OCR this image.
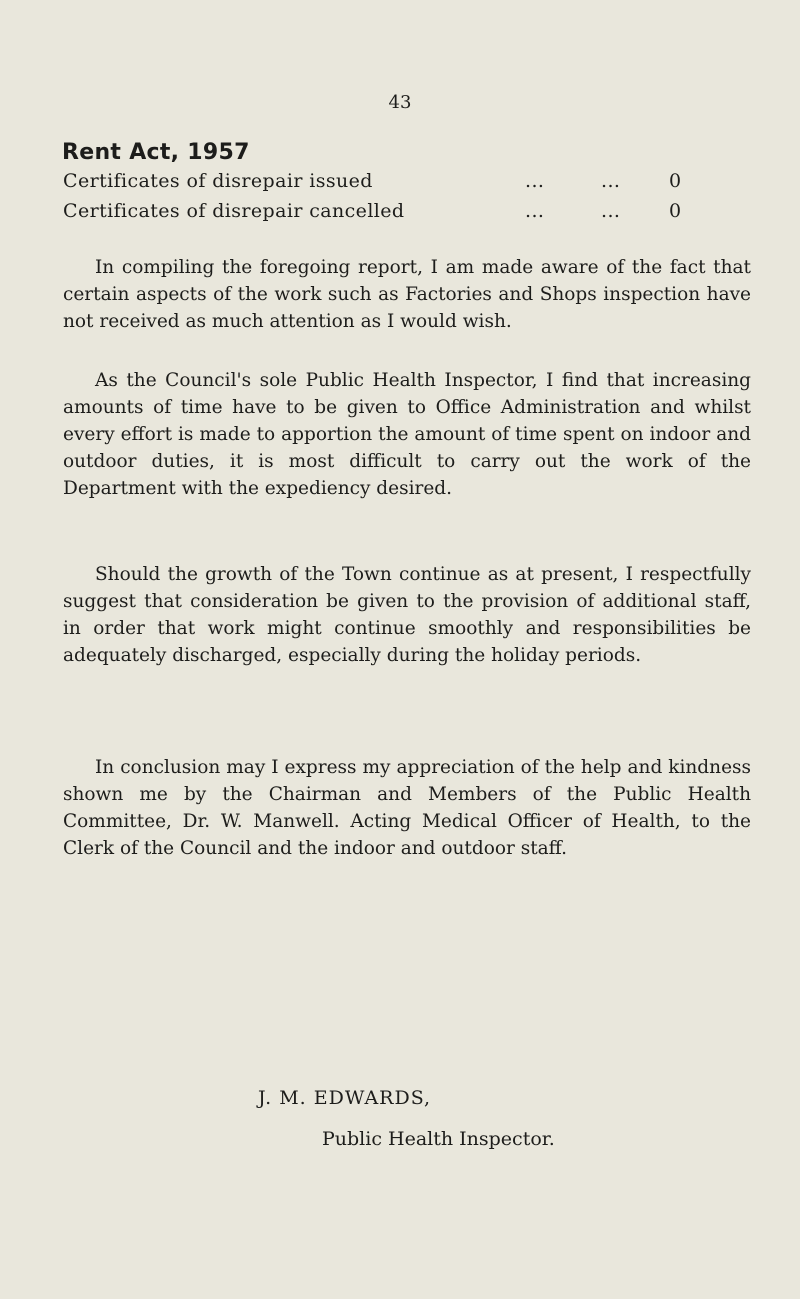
43
Rent Act, 1957
Certificates of disrepair issued	...	...	0
Certificates of disrepair cancelled	...	...	0

In compiling the foregoing report, I am made aware of the fact that certain aspects of the work such as Factories and Shops inspection have not received as much attention as I would wish.

As the Council's sole Public Health Inspector, I find that increasing amounts of time have to be given to Office Administration and whilst every effort is made to apportion the amount of time spent on indoor and outdoor duties, it is most difficult to carry out the work of the Department with the expediency desired.

Should the growth of the Town continue as at present, I respectfully suggest that consideration be given to the provision of additional staff, in order that work might continue smoothly and responsibilities be adequately discharged, especially during the holiday periods.

In conclusion may I express my appreciation of the help and kindness shown me by the Chairman and Members of the Public Health Committee, Dr. W. Manwell. Acting Medical Officer of Health, to the Clerk of the Council and the indoor and outdoor staff.

J. M. EDWARDS,
Public Health Inspector.
